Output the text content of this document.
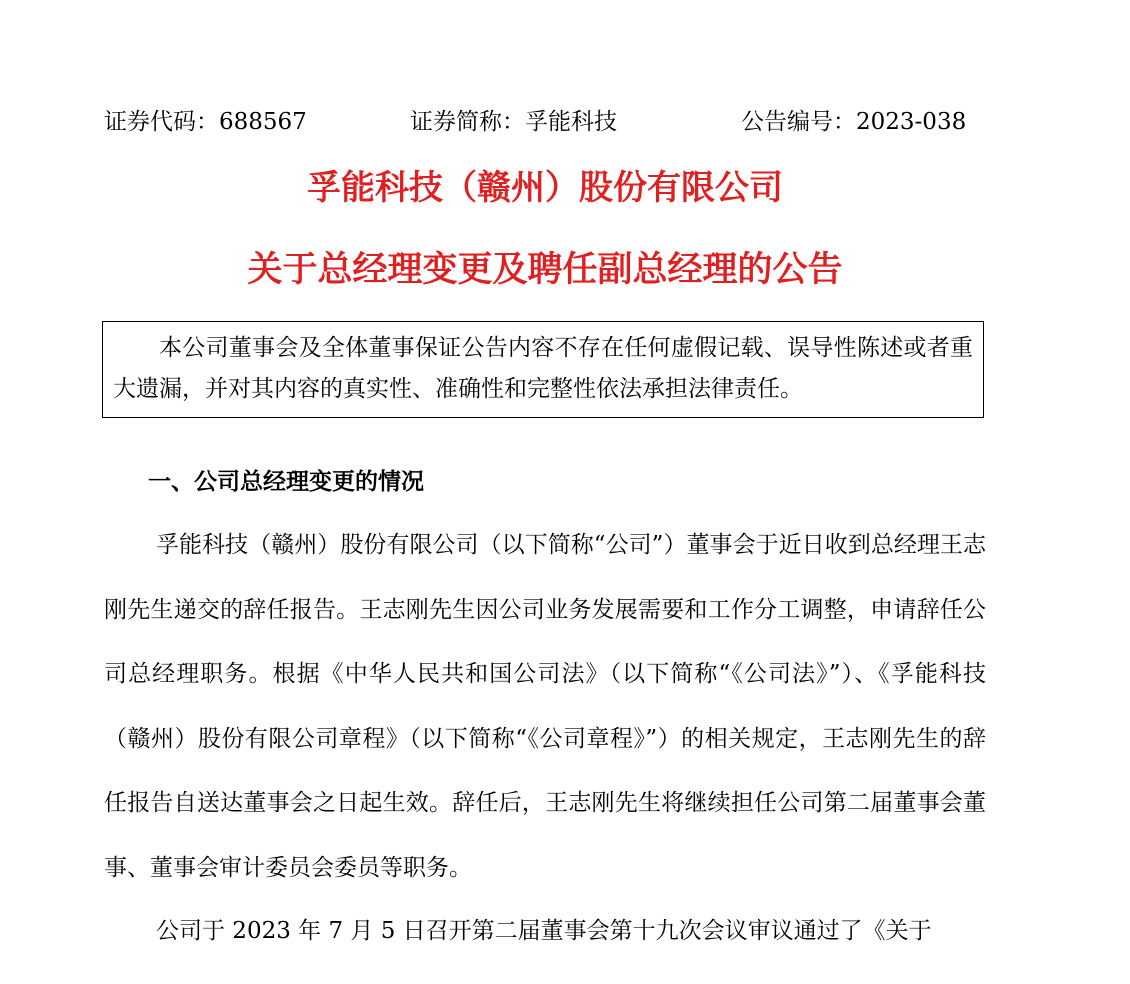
证券代码：688567	证券简称：孚能科技	公告编号：2023-038
孚能科技（赣州）股份有限公司
关于总经理变更及聘任副总经理的公告

本公司董事会及全体董事保证公告内容不存在任何虚假记载、误导性陈述或者重大遗漏，并对其内容的真实性、准确性和完整性依法承担法律责任。

一、公司总经理变更的情况

孚能科技（赣州）股份有限公司（以下简称“公司”）董事会于近日收到总经理王志刚先生递交的辞任报告。王志刚先生因公司业务发展需要和工作分工调整，申请辞任公司总经理职务。根据《中华人民共和国公司法》（以下简称“《公司法》”）、《孚能科技（赣州）股份有限公司章程》（以下简称“《公司章程》”）的相关规定，王志刚先生的辞任报告自送达董事会之日起生效。辞任后，王志刚先生将继续担任公司第二届董事会董事、董事会审计委员会委员等职务。

公司于 2023 年 7 月 5 日召开第二届董事会第十九次会议审议通过了《关于
